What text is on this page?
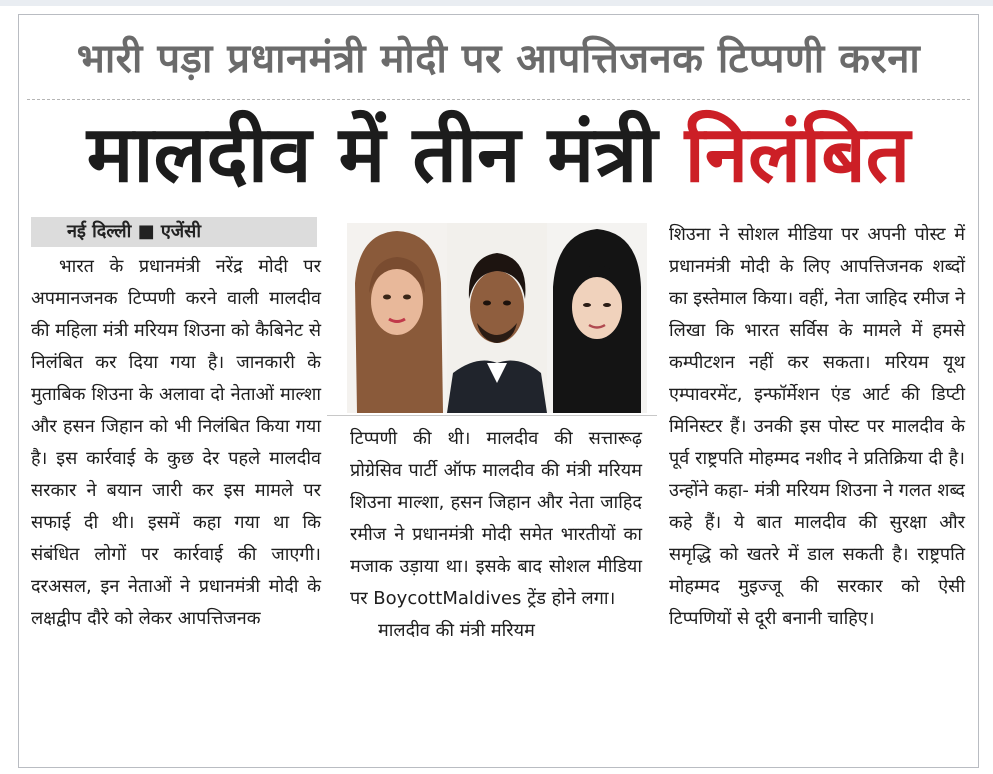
भारी पड़ा प्रधानमंत्री मोदी पर आपत्तिजनक टिप्पणी करना
मालदीव में तीन मंत्री निलंबित
नई दिल्ली ■ एजेंसी
भारत के प्रधानमंत्री नरेंद्र मोदी पर अपमानजनक टिप्पणी करने वाली मालदीव की महिला मंत्री मरियम शिउना को कैबिनेट से निलंबित कर दिया गया है। जानकारी के मुताबिक शिउना के अलावा दो नेताओं माल्शा और हसन जिहान को भी निलंबित किया गया है। इस कार्रवाई के कुछ देर पहले मालदीव सरकार ने बयान जारी कर इस मामले पर सफाई दी थी। इसमें कहा गया था कि संबंधित लोगों पर कार्रवाई की जाएगी। दरअसल, इन नेताओं ने प्रधानमंत्री मोदी के लक्षद्वीप दौरे को लेकर आपत्तिजनक
टिप्पणी की थी। मालदीव की सत्तारूढ़ प्रोग्रेसिव पार्टी ऑफ मालदीव की मंत्री मरियम शिउना माल्शा, हसन जिहान और नेता जाहिद रमीज ने प्रधानमंत्री मोदी समेत भारतीयों का मजाक उड़ाया था। इसके बाद सोशल मीडिया पर BoycottMaldives ट्रेंड होने लगा।
मालदीव की मंत्री मरियम
शिउना ने सोशल मीडिया पर अपनी पोस्ट में प्रधानमंत्री मोदी के लिए आपत्तिजनक शब्दों का इस्तेमाल किया। वहीं, नेता जाहिद रमीज ने लिखा कि भारत सर्विस के मामले में हमसे कम्पीटशन नहीं कर सकता। मरियम यूथ एम्पावरमेंट, इन्फॉर्मेशन एंड आर्ट की डिप्टी मिनिस्टर हैं। उनकी इस पोस्ट पर मालदीव के पूर्व राष्ट्रपति मोहम्मद नशीद ने प्रतिक्रिया दी है। उन्होंने कहा- मंत्री मरियम शिउना ने गलत शब्द कहे हैं। ये बात मालदीव की सुरक्षा और समृद्धि को खतरे में डाल सकती है। राष्ट्रपति मोहम्मद मुइज्जू की सरकार को ऐसी टिप्पणियों से दूरी बनानी चाहिए।
